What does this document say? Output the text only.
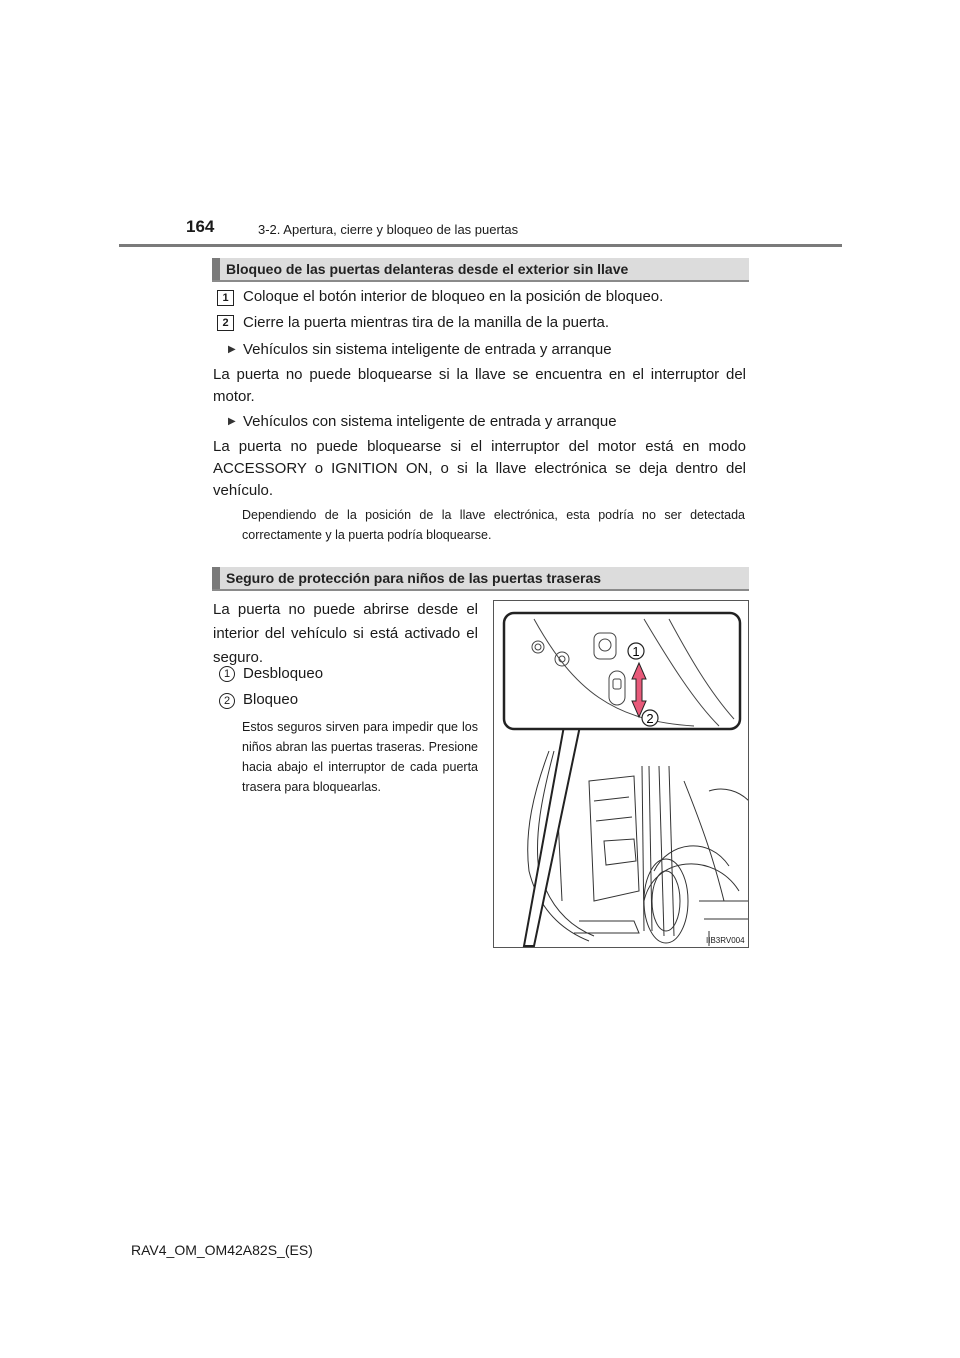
164	3-2. Apertura, cierre y bloqueo de las puertas
Bloqueo de las puertas delanteras desde el exterior sin llave
1 Coloque el botón interior de bloqueo en la posición de bloqueo.
2 Cierre la puerta mientras tira de la manilla de la puerta.
▶ Vehículos sin sistema inteligente de entrada y arranque
La puerta no puede bloquearse si la llave se encuentra en el interruptor del motor.
▶ Vehículos con sistema inteligente de entrada y arranque
La puerta no puede bloquearse si el interruptor del motor está en modo ACCESSORY o IGNITION ON, o si la llave electrónica se deja dentro del vehículo.
Dependiendo de la posición de la llave electrónica, esta podría no ser detectada correctamente y la puerta podría bloquearse.
Seguro de protección para niños de las puertas traseras
La puerta no puede abrirse desde el interior del vehículo si está activado el seguro.
1 Desbloqueo
2 Bloqueo
Estos seguros sirven para impedir que los niños abran las puertas traseras. Presione hacia abajo el interruptor de cada puerta trasera para bloquearlas.
1
2
IIB3RV004
RAV4_OM_OM42A82S_(ES)
